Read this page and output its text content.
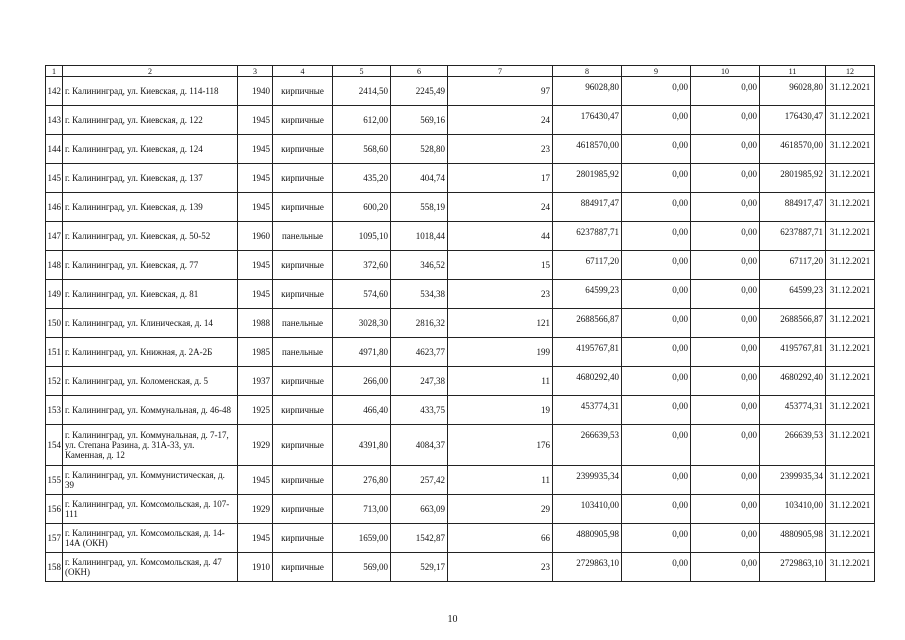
1	2	3	4	5	6	7	8	9	10	11	12
142	г. Калининград, ул. Киевская, д. 114-118	1940	кирпичные	2414,50	2245,49	97	96028,80	0,00	0,00	96028,80	31.12.2021
143	г. Калининград, ул. Киевская, д. 122	1945	кирпичные	612,00	569,16	24	176430,47	0,00	0,00	176430,47	31.12.2021
144	г. Калининград, ул. Киевская, д. 124	1945	кирпичные	568,60	528,80	23	4618570,00	0,00	0,00	4618570,00	31.12.2021
145	г. Калининград, ул. Киевская, д. 137	1945	кирпичные	435,20	404,74	17	2801985,92	0,00	0,00	2801985,92	31.12.2021
146	г. Калининград, ул. Киевская, д. 139	1945	кирпичные	600,20	558,19	24	884917,47	0,00	0,00	884917,47	31.12.2021
147	г. Калининград, ул. Киевская, д. 50-52	1960	панельные	1095,10	1018,44	44	6237887,71	0,00	0,00	6237887,71	31.12.2021
148	г. Калининград, ул. Киевская, д. 77	1945	кирпичные	372,60	346,52	15	67117,20	0,00	0,00	67117,20	31.12.2021
149	г. Калининград, ул. Киевская, д. 81	1945	кирпичные	574,60	534,38	23	64599,23	0,00	0,00	64599,23	31.12.2021
150	г. Калининград, ул. Клиническая, д. 14	1988	панельные	3028,30	2816,32	121	2688566,87	0,00	0,00	2688566,87	31.12.2021
151	г. Калининград, ул. Книжная, д. 2А-2Б	1985	панельные	4971,80	4623,77	199	4195767,81	0,00	0,00	4195767,81	31.12.2021
152	г. Калининград, ул. Коломенская, д. 5	1937	кирпичные	266,00	247,38	11	4680292,40	0,00	0,00	4680292,40	31.12.2021
153	г. Калининград, ул. Коммунальная, д. 46-48	1925	кирпичные	466,40	433,75	19	453774,31	0,00	0,00	453774,31	31.12.2021
154	г. Калининград, ул. Коммунальная, д. 7-17, ул. Степана Разина, д. 31А-33, ул. Каменная, д. 12	1929	кирпичные	4391,80	4084,37	176	266639,53	0,00	0,00	266639,53	31.12.2021
155	г. Калининград, ул. Коммунистическая, д. 39	1945	кирпичные	276,80	257,42	11	2399935,34	0,00	0,00	2399935,34	31.12.2021
156	г. Калининград, ул. Комсомольская, д. 107-111	1929	кирпичные	713,00	663,09	29	103410,00	0,00	0,00	103410,00	31.12.2021
157	г. Калининград, ул. Комсомольская, д. 14-14А (ОКН)	1945	кирпичные	1659,00	1542,87	66	4880905,98	0,00	0,00	4880905,98	31.12.2021
158	г. Калининград, ул. Комсомольская, д. 47 (ОКН)	1910	кирпичные	569,00	529,17	23	2729863,10	0,00	0,00	2729863,10	31.12.2021
10
